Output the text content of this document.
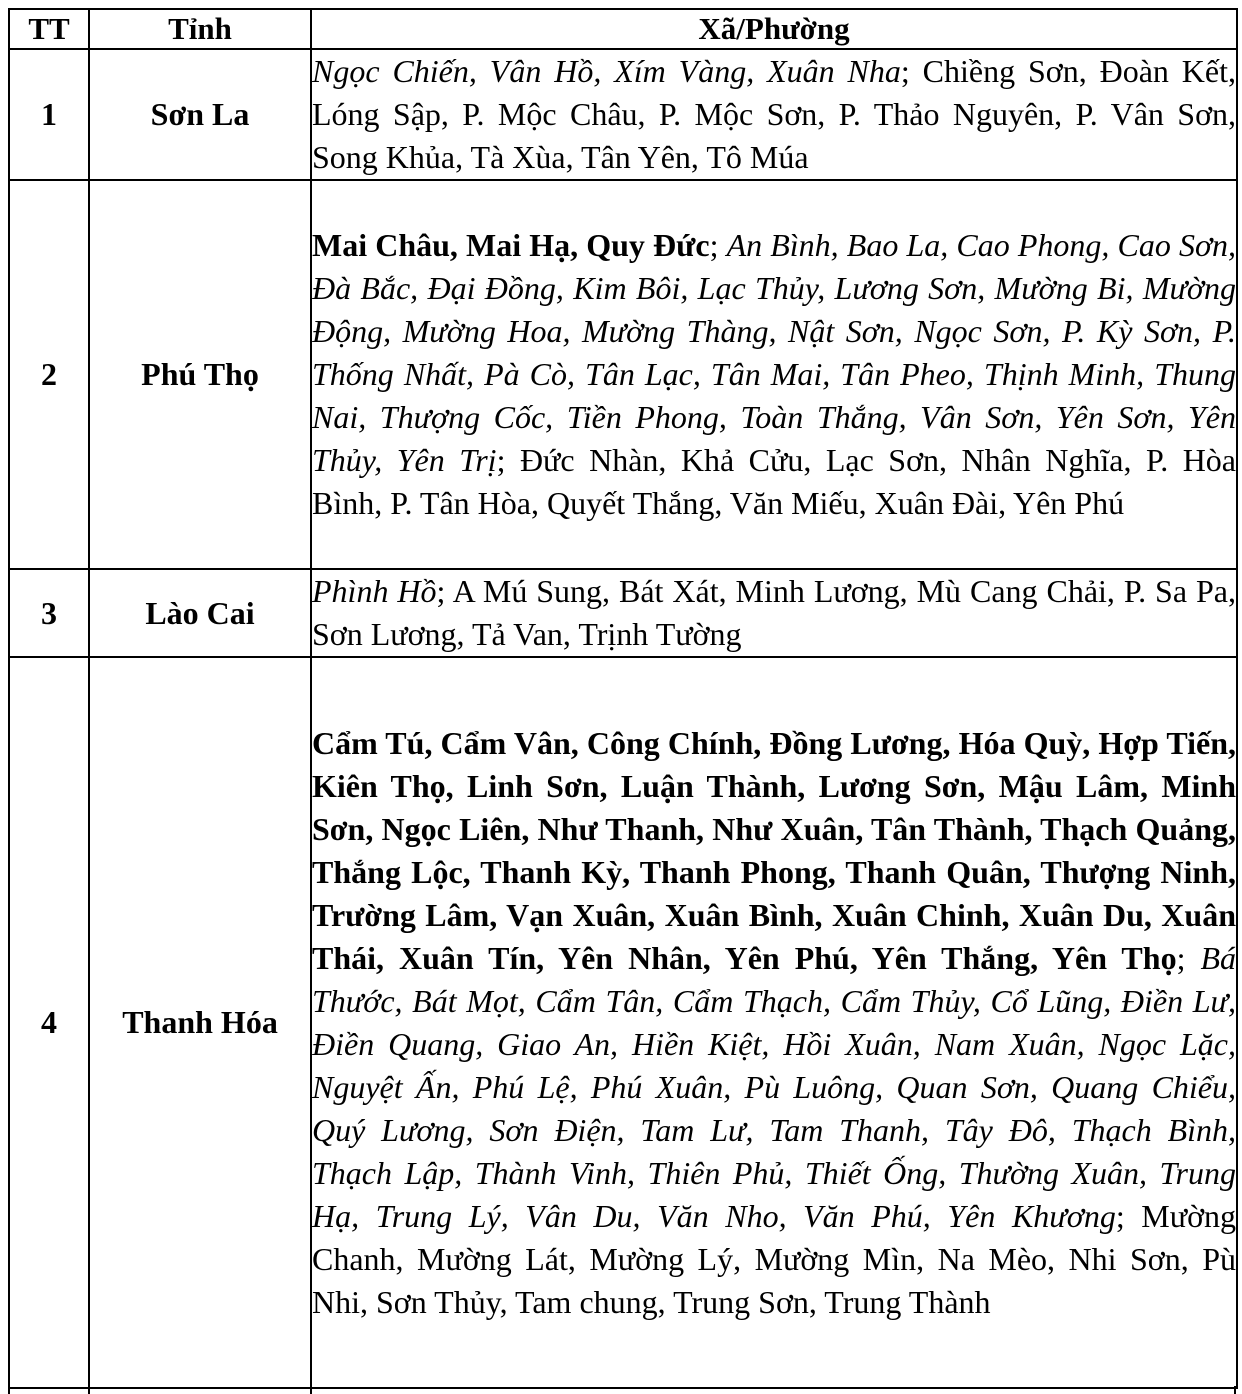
TT	Tỉnh	Xã/Phường
1	Sơn La	Ngọc Chiến, Vân Hồ, Xím Vàng, Xuân Nha; Chiềng Sơn, Đoàn Kết, Lóng Sập, P. Mộc Châu, P. Mộc Sơn, P. Thảo Nguyên, P. Vân Sơn, Song Khủa, Tà Xùa, Tân Yên, Tô Múa
2	Phú Thọ	Mai Châu, Mai Hạ, Quy Đức; An Bình, Bao La, Cao Phong, Cao Sơn, Đà Bắc, Đại Đồng, Kim Bôi, Lạc Thủy, Lương Sơn, Mường Bi, Mường Động, Mường Hoa, Mường Thàng, Nật Sơn, Ngọc Sơn, P. Kỳ Sơn, P. Thống Nhất, Pà Cò, Tân Lạc, Tân Mai, Tân Pheo, Thịnh Minh, Thung Nai, Thượng Cốc, Tiền Phong, Toàn Thắng, Vân Sơn, Yên Sơn, Yên Thủy, Yên Trị; Đức Nhàn, Khả Cửu, Lạc Sơn, Nhân Nghĩa, P. Hòa Bình, P. Tân Hòa, Quyết Thắng, Văn Miếu, Xuân Đài, Yên Phú
3	Lào Cai	Phình Hồ; A Mú Sung, Bát Xát, Minh Lương, Mù Cang Chải, P. Sa Pa, Sơn Lương, Tả Van, Trịnh Tường
4	Thanh Hóa	Cẩm Tú, Cẩm Vân, Công Chính, Đồng Lương, Hóa Quỳ, Hợp Tiến, Kiên Thọ, Linh Sơn, Luận Thành, Lương Sơn, Mậu Lâm, Minh Sơn, Ngọc Liên, Như Thanh, Như Xuân, Tân Thành, Thạch Quảng, Thắng Lộc, Thanh Kỳ, Thanh Phong, Thanh Quân, Thượng Ninh, Trường Lâm, Vạn Xuân, Xuân Bình, Xuân Chinh, Xuân Du, Xuân Thái, Xuân Tín, Yên Nhân, Yên Phú, Yên Thắng, Yên Thọ; Bá Thước, Bát Mọt, Cẩm Tân, Cẩm Thạch, Cẩm Thủy, Cổ Lũng, Điền Lư, Điền Quang, Giao An, Hiền Kiệt, Hồi Xuân, Nam Xuân, Ngọc Lặc, Nguyệt Ấn, Phú Lệ, Phú Xuân, Pù Luông, Quan Sơn, Quang Chiểu, Quý Lương, Sơn Điện, Tam Lư, Tam Thanh, Tây Đô, Thạch Bình, Thạch Lập, Thành Vinh, Thiên Phủ, Thiết Ống, Thường Xuân, Trung Hạ, Trung Lý, Vân Du, Văn Nho, Văn Phú, Yên Khương; Mường Chanh, Mường Lát, Mường Lý, Mường Mìn, Na Mèo, Nhi Sơn, Pù Nhi, Sơn Thủy, Tam chung, Trung Sơn, Trung Thành
